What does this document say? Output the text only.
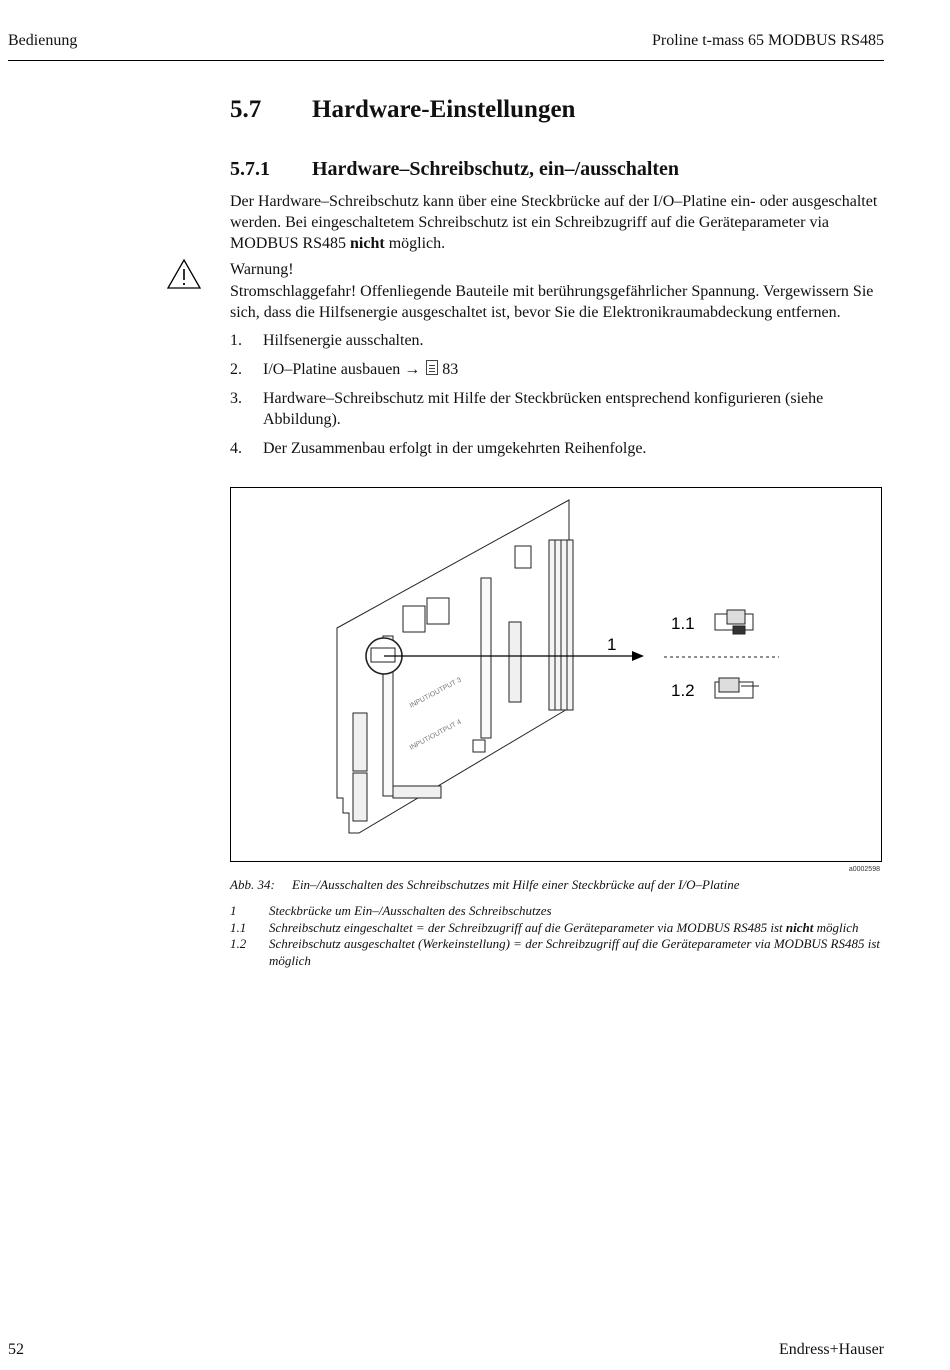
Bedienung	Proline t-mass 65 MODBUS RS485
5.7 Hardware-Einstellungen
5.7.1 Hardware–Schreibschutz, ein–/ausschalten
Der Hardware–Schreibschutz kann über eine Steckbrücke auf der I/O–Platine ein- oder ausgeschaltet werden. Bei eingeschaltetem Schreibschutz ist ein Schreibzugriff auf die Geräteparameter via MODBUS RS485 nicht möglich.
Warnung!
Stromschlaggefahr! Offenliegende Bauteile mit berührungsgefährlicher Spannung. Vergewissern Sie sich, dass die Hilfsenergie ausgeschaltet ist, bevor Sie die Elektronikraumabdeckung entfernen.
1. Hilfsenergie ausschalten.
2. I/O–Platine ausbauen → 83
3. Hardware–Schreibschutz mit Hilfe der Steckbrücken entsprechend konfigurieren (siehe Abbildung).
4. Der Zusammenbau erfolgt in der umgekehrten Reihenfolge.
1
1.1
1.2
INPUT/OUTPUT 3
INPUT/OUTPUT 4
a0002598
Abb. 34: Ein–/Ausschalten des Schreibschutzes mit Hilfe einer Steckbrücke auf der I/O–Platine
1	Steckbrücke um Ein–/Ausschalten des Schreibschutzes
1.1 Schreibschutz eingeschaltet = der Schreibzugriff auf die Geräteparameter via MODBUS RS485 ist nicht möglich
1.2 Schreibschutz ausgeschaltet (Werkeinstellung) = der Schreibzugriff auf die Geräteparameter via MODBUS RS485 ist möglich
52	Endress+Hauser
